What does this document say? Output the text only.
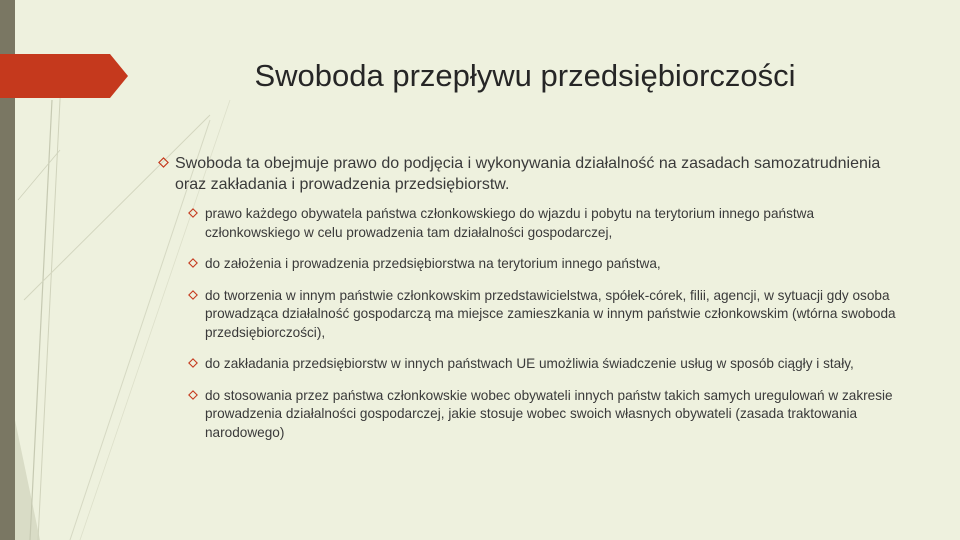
Swoboda przepływu przedsiębiorczości
Swoboda ta obejmuje prawo do podjęcia i wykonywania działalność na zasadach samozatrudnienia oraz zakładania i prowadzenia przedsiębiorstw.
prawo każdego obywatela państwa członkowskiego do wjazdu i pobytu na terytorium innego państwa członkowskiego w celu prowadzenia tam działalności gospodarczej,
do założenia i prowadzenia przedsiębiorstwa na terytorium innego państwa,
do tworzenia w innym państwie członkowskim przedstawicielstwa, spółek-córek, filii, agencji, w sytuacji gdy osoba prowadząca działalność gospodarczą ma miejsce zamieszkania w innym państwie członkowskim (wtórna swoboda przedsiębiorczości),
do zakładania przedsiębiorstw w innych państwach UE umożliwia świadczenie usług w sposób ciągły i stały,
do stosowania przez państwa członkowskie wobec obywateli innych państw takich samych uregulowań w zakresie prowadzenia działalności gospodarczej, jakie stosuje wobec swoich własnych obywateli (zasada traktowania narodowego)
